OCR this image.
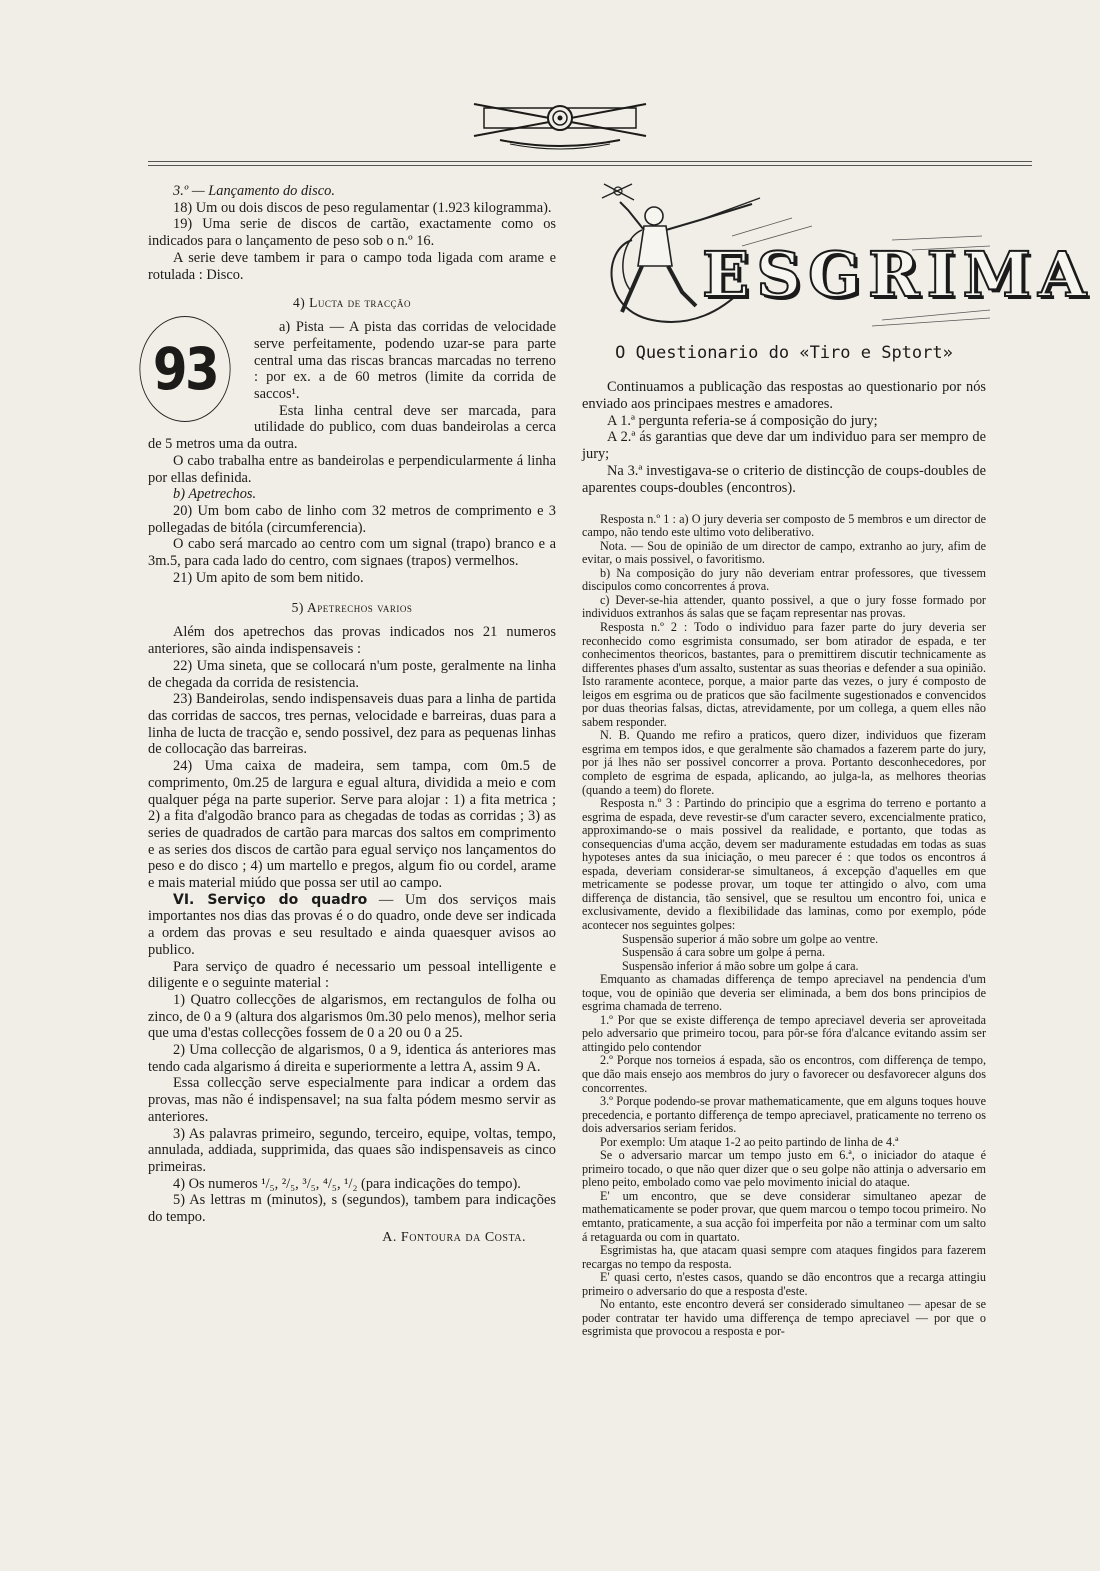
3.º — Lançamento do disco.

18) Um ou dois discos de peso regulamentar (1.923 kilogramma).

19) Uma serie de discos de cartão, exactamente como os indicados para o lançamento de peso sob o n.º 16.

A serie deve tambem ir para o campo toda ligada com arame e rotulada : Disco.

4) Lucta de tracção
93

a) Pista — A pista das corridas de velocidade serve perfeitamente, podendo uzar-se para parte central uma das riscas brancas marcadas no terreno : por ex. a de 60 metros (limite da corrida de saccos¹.

Esta linha central deve ser marcada, para utilidade do publico, com duas bandeirolas a cerca de 5 metros uma da outra.

O cabo trabalha entre as bandeirolas e perpendicularmente á linha por ellas definida.

b) Apetrechos.

20) Um bom cabo de linho com 32 metros de comprimento e 3 pollegadas de bitóla (circumferencia).

O cabo será marcado ao centro com um signal (trapo) branco e a 3m.5, para cada lado do centro, com signaes (trapos) vermelhos.

21) Um apito de som bem nitido.

5) Apetrechos varios

Além dos apetrechos das provas indicados nos 21 numeros anteriores, são ainda indispensaveis :

22) Uma sineta, que se collocará n'um poste, geralmente na linha de chegada da corrida de resistencia.

23) Bandeirolas, sendo indispensaveis duas para a linha de partida das corridas de saccos, tres pernas, velocidade e barreiras, duas para a linha de lucta de tracção e, sendo possivel, dez para as pequenas linhas de collocação das barreiras.

24) Uma caixa de madeira, sem tampa, com 0m.5 de comprimento, 0m.25 de largura e egual altura, dividida a meio e com qualquer péga na parte superior. Serve para alojar : 1) a fita metrica ; 2) a fita d'algodão branco para as chegadas de todas as corridas ; 3) as series de quadrados de cartão para marcas dos saltos em comprimento e as series dos discos de cartão para egual serviço nos lançamentos do peso e do disco ; 4) um martello e pregos, algum fio ou cordel, arame e mais material miúdo que possa ser util ao campo.

VI. Serviço do quadro — Um dos serviços mais importantes nos dias das provas é o do quadro, onde deve ser indicada a ordem das provas e seu resultado e ainda quaesquer avisos ao publico.

Para serviço de quadro é necessario um pessoal intelligente e diligente e o seguinte material :

1) Quatro collecções de algarismos, em rectangulos de folha ou zinco, de 0 a 9 (altura dos algarismos 0m.30 pelo menos), melhor seria que uma d'estas collecções fossem de 0 a 20 ou 0 a 25.

2) Uma collecção de algarismos, 0 a 9, identica ás anteriores mas tendo cada algarismo á direita e superiormente a lettra A, assim 9 A.

Essa collecção serve especialmente para indicar a ordem das provas, mas não é indispensavel; na sua falta pódem mesmo servir as anteriores.

3) As palavras primeiro, segundo, terceiro, equipe, voltas, tempo, annulada, addiada, supprimida, das quaes são indispensaveis as cinco primeiras.

4) Os numeros ¹/₅, ²/₅, ³/₅, ⁴/₅, ¹/₂ (para indicações do tempo).

5) As lettras m (minutos), s (segundos), tambem para indicações do tempo.

A. Fontoura da Costa.
ESGRIMA
O Questionario do «Tiro e Sptort»

Continuamos a publicação das respostas ao questionario por nós enviado aos principaes mestres e amadores.

A 1.ª pergunta referia-se á composição do jury;

A 2.ª ás garantias que deve dar um individuo para ser mempro de jury;

Na 3.ª investigava-se o criterio de distincção de coups-doubles de aparentes coups-doubles (encontros).

Resposta n.º 1 : a) O jury deveria ser composto de 5 membros e um director de campo, não tendo este ultimo voto deliberativo.

Nota. — Sou de opinião de um director de campo, extranho ao jury, afim de evitar, o mais possivel, o favoritismo.

b) Na composição do jury não deveriam entrar professores, que tivessem discipulos como concorrentes á prova.

c) Dever-se-hia attender, quanto possivel, a que o jury fosse formado por individuos extranhos ás salas que se façam representar nas provas.

Resposta n.º 2 : Todo o individuo para fazer parte do jury deveria ser reconhecido como esgrimista consumado, ser bom atirador de espada, e ter conhecimentos theoricos, bastantes, para o premittirem discutir technicamente as differentes phases d'um assalto, sustentar as suas theorias e defender a sua opinião. Isto raramente acontece, porque, a maior parte das vezes, o jury é composto de leigos em esgrima ou de praticos que são facilmente sugestionados e convencidos por duas theorias falsas, dictas, atrevidamente, por um collega, a quem elles não sabem responder.

N. B. Quando me refiro a praticos, quero dizer, individuos que fizeram esgrima em tempos idos, e que geralmente são chamados a fazerem parte do jury, por já lhes não ser possivel concorrer a prova. Portanto desconhecedores, por completo de esgrima de espada, aplicando, ao julga-la, as melhores theorias (quando a teem) do florete.

Resposta n.º 3 : Partindo do principio que a esgrima do terreno e portanto a esgrima de espada, deve revestir-se d'um caracter severo, excencialmente pratico, approximando-se o mais possivel da realidade, e portanto, que todas as consequencias d'uma acção, devem ser maduramente estudadas em todas as suas hypoteses antes da sua iniciação, o meu parecer é : que todos os encontros á espada, deveriam considerar-se simultaneos, á excepção d'aquelles em que metricamente se podesse provar, um toque ter attingido o alvo, com uma differença de distancia, tão sensivel, que se resultou um encontro foi, unica e exclusivamente, devido a flexibilidade das laminas, como por exemplo, póde acontecer nos seguintes golpes:

Suspensão superior á mão sobre um golpe ao ventre.

Suspensão á cara sobre um golpe á perna.

Suspensão inferior á mão sobre um golpe á cara.

Emquanto as chamadas differença de tempo apreciavel na pendencia d'um toque, vou de opinião que deveria ser eliminada, a bem dos bons principios de esgrima chamada de terreno.

1.º Por que se existe differença de tempo apreciavel deveria ser aproveitada pelo adversario que primeiro tocou, para pôr-se fóra d'alcance evitando assim ser attingido pelo contendor

2.º Porque nos torneios á espada, são os encontros, com differença de tempo, que dão mais ensejo aos membros do jury o favorecer ou desfavorecer alguns dos concorrentes.

3.º Porque podendo-se provar mathematicamente, que em alguns toques houve precedencia, e portanto differença de tempo apreciavel, praticamente no terreno os dois adversarios seriam feridos.

Por exemplo: Um ataque 1-2 ao peito partindo de linha de 4.ª

Se o adversario marcar um tempo justo em 6.ª, o iniciador do ataque é primeiro tocado, o que não quer dizer que o seu golpe não attinja o adversario em pleno peito, embolado como vae pelo movimento inicial do ataque.

E' um encontro, que se deve considerar simultaneo apezar de mathematicamente se poder provar, que quem marcou o tempo tocou primeiro. No emtanto, praticamente, a sua acção foi imperfeita por não a terminar com um salto á retaguarda ou com in quartato.

Esgrimistas ha, que atacam quasi sempre com ataques fingidos para fazerem recargas no tempo da resposta.

E' quasi certo, n'estes casos, quando se dão encontros que a recarga attingiu primeiro o adversario do que a resposta d'este.

No entanto, este encontro deverá ser considerado simultaneo — apesar de se poder contratar ter havido uma differença de tempo apreciavel — por que o esgrimista que provocou a resposta e por-
